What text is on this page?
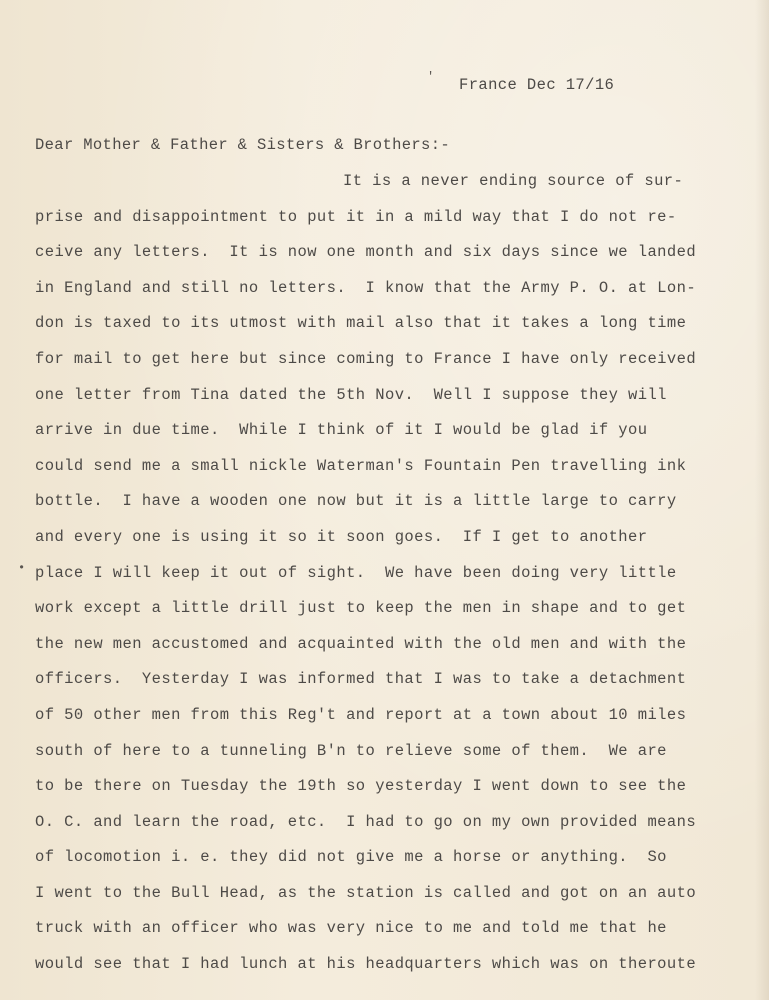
'
•
France Dec 17/16
Dear Mother & Father & Sisters & Brothers:-
It is a never ending source of sur-
prise and disappointment to put it in a mild way that I do not re-
ceive any letters.  It is now one month and six days since we landed
in England and still no letters.  I know that the Army P. O. at Lon-
don is taxed to its utmost with mail also that it takes a long time
for mail to get here but since coming to France I have only received
one letter from Tina dated the 5th Nov.  Well I suppose they will
arrive in due time.  While I think of it I would be glad if you
could send me a small nickle Waterman's Fountain Pen travelling ink
bottle.  I have a wooden one now but it is a little large to carry
and every one is using it so it soon goes.  If I get to another
place I will keep it out of sight.  We have been doing very little
work except a little drill just to keep the men in shape and to get
the new men accustomed and acquainted with the old men and with the
officers.  Yesterday I was informed that I was to take a detachment
of 50 other men from this Reg't and report at a town about 10 miles
south of here to a tunneling B'n to relieve some of them.  We are
to be there on Tuesday the 19th so yesterday I went down to see the
O. C. and learn the road, etc.  I had to go on my own provided means
of locomotion i. e. they did not give me a horse or anything.  So
I went to the Bull Head, as the station is called and got on an auto
truck with an officer who was very nice to me and told me that he
would see that I had lunch at his headquarters which was on theroute
